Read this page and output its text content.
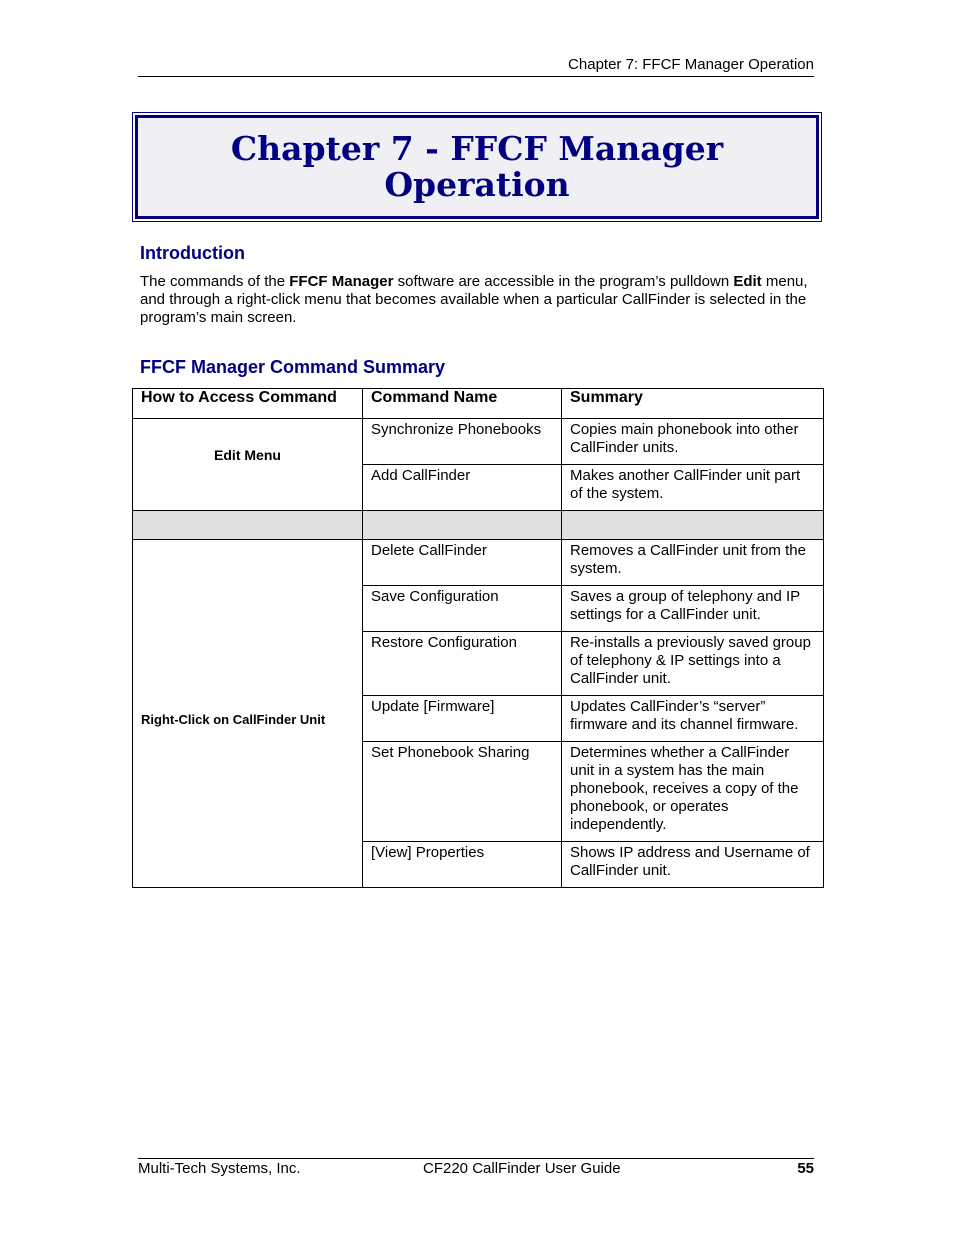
Chapter 7: FFCF Manager Operation
Chapter 7 - FFCF Manager
Operation
Introduction

The commands of the FFCF Manager software are accessible in the program’s pulldown Edit menu, and through a right-click menu that becomes available when a particular CallFinder is selected in the program’s main screen.

FFCF Manager Command Summary
How to Access Command	Command Name	Summary
Edit Menu	Synchronize Phonebooks	Copies main phonebook into other CallFinder units.
	Add CallFinder	Makes another CallFinder unit part of the system.

Right-Click on CallFinder Unit	Delete CallFinder	Removes a CallFinder unit from the system.
	Save Configuration	Saves a group of telephony and IP settings for a CallFinder unit.
	Restore Configuration	Re-installs a previously saved group of telephony & IP settings into a CallFinder unit.
	Update [Firmware]	Updates CallFinder’s “server” firmware and its channel firmware.
	Set Phonebook Sharing	Determines whether a CallFinder unit in a system has the main phonebook, receives a copy of the phonebook, or operates independently.
	[View] Properties	Shows IP address and Username of CallFinder unit.
Multi-Tech Systems, Inc.	CF220 CallFinder User Guide	55
